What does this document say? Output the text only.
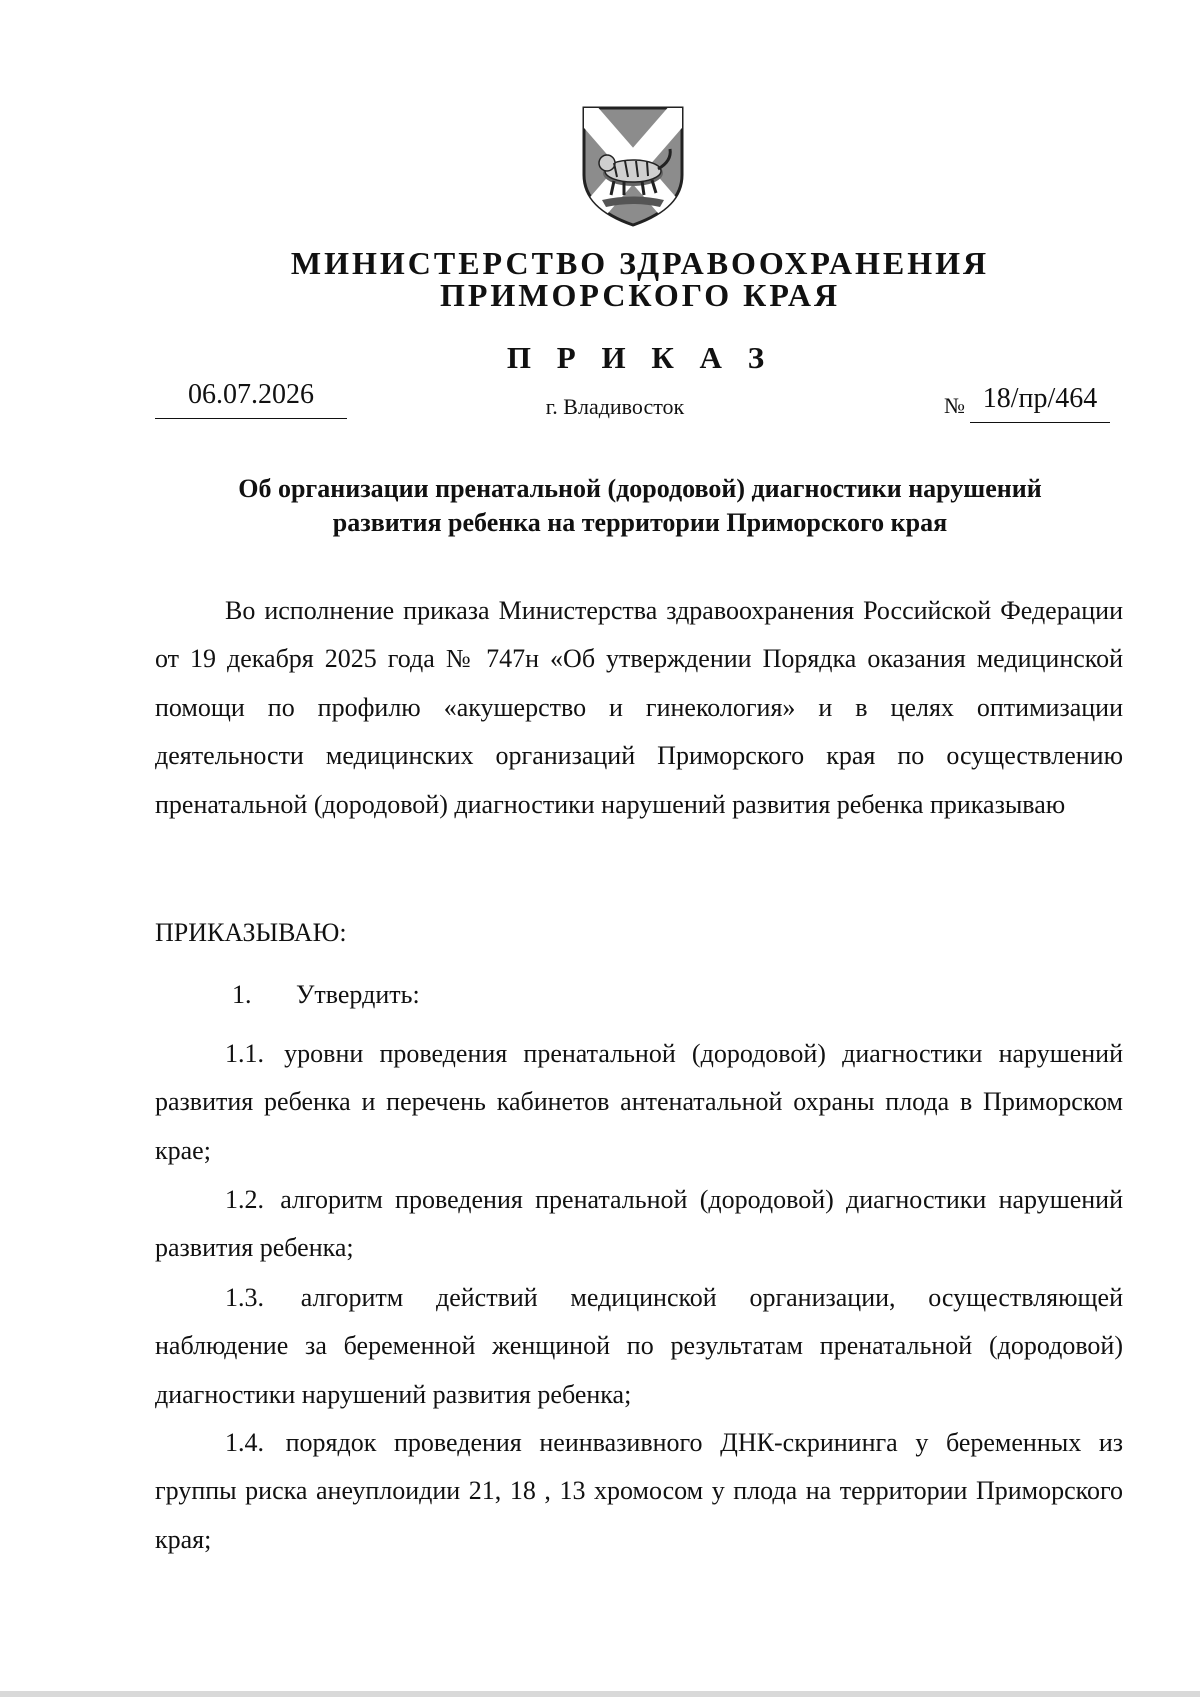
МИНИСТЕРСТВО ЗДРАВООХРАНЕНИЯ
ПРИМОРСКОГО КРАЯ
П Р И К А З
06.07.2026	г. Владивосток	№ 18/пр/464
Об организации пренатальной (дородовой) диагностики нарушений
развития ребенка на территории Приморского края
Во исполнение приказа Министерства здравоохранения Российской Федерации от 19 декабря 2025 года № 747н «Об утверждении Порядка оказания медицинской помощи по профилю «акушерство и гинекология» и в целях оптимизации деятельности медицинских организаций Приморского края по осуществлению пренатальной (дородовой) диагностики нарушений развития ребенка приказываю
ПРИКАЗЫВАЮ:
1. Утвердить:
1.1. уровни проведения пренатальной (дородовой) диагностики нарушений развития ребенка и перечень кабинетов антенатальной охраны плода в Приморском крае;
1.2. алгоритм проведения пренатальной (дородовой) диагностики нарушений развития ребенка;
1.3. алгоритм действий медицинской организации, осуществляющей наблюдение за беременной женщиной по результатам пренатальной (дородовой) диагностики нарушений развития ребенка;
1.4. порядок проведения неинвазивного ДНК-скрининга у беременных из группы риска анеуплоидии 21, 18 , 13 хромосом у плода на территории Приморского края;
